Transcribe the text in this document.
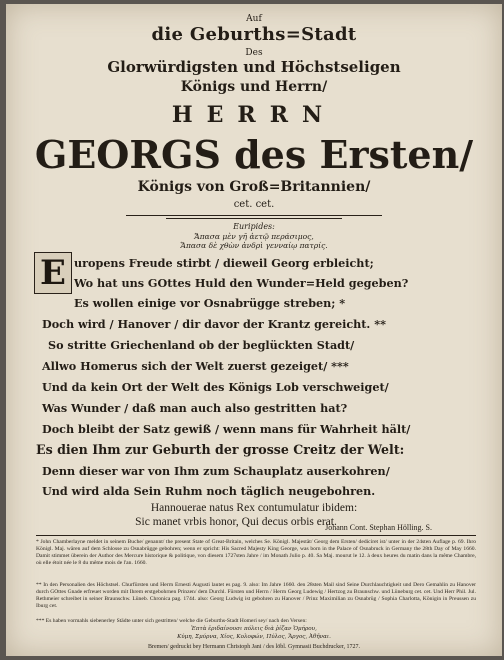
Auf
die Geburths=Stadt
Des
Glorwürdigsten und Höchstseligen
Königs und Herrn/
HERRN
GEORGS des Ersten/
Königs von Groß=Britannien/
cet. cet.
Euripides:
Ἄπασα μὲν γῆ ἀετῷ περάσιμος,
Ἅπασα δὲ χθὼν ἀνδρὶ γενναίῳ πατρίς.
E uropens Freude stirbt / dieweil Georg erbleicht;
Wo hat uns GOttes Huld den Wunder=Held gegeben?
Es wollen einige vor Osnabrügge streben; *
Doch wird / Hanover / dir davor der Krantz gereicht. **
So stritte Griechenland ob der beglückten Stadt/
Allwo Homerus sich der Welt zuerst gezeiget/ ***
Und da kein Ort der Welt des Königs Lob verschweiget/
Was Wunder / daß man auch also gestritten hat?
Doch bleibt der Satz gewiß / wenn mans für Wahrheit hält/
Es dien Ihm zur Geburth der grosse Creitz der Welt:
Denn dieser war von Ihm zum Schauplatz auserkohren/
Und wird alda Sein Ruhm noch täglich neugebohren.
Hannouerae natus Rex contumulatur ibidem:
Sic manet vrbis honor, Qui decus orbis erat.
Johann Cont. Stephan Hölling. S.
* John Chamberlayne meldet in seinem Buche/ genannt/ the present State of Great-Britain, welches Se. Königl. Majestät/ Georg dem Ersten/ dediciret ist/ unter in der 24sten Auflage p. 69. Ihro Königl. Maj. wären auf dem Schlosse zu Osnabrügge gebohren; wenn er spricht: His Sacred Majesty King George, was born in the Palace of Osnabruck in Germany the 28th Day of May 1660. Damit stimmet überein der Author des Mercure historique & politique, von diesem 1727sten Jahre / im Monath Julio p. 40. Sa Maj. mourut le 12. à deux heures du matin dans la même Chambre, où elle étoit née le 8 du même mois de l'an. 1660.
** In den Personalien des Höchstsel. Churfürsten und Herrn Ernesti Augusti lautet es pag. 9. also: Im Jahre 1660. den 28sten Mail sind Seine Durchlauchtigkeit und Dero Gemahlin zu Hanover durch GOttes Gnade erfreuet worden mit Ihrem erstgebohrnen Prinzen/ dem Durchl. Fürsten und Herrn / Herrn Georg Ludewig / Hertzog zu Braunschw. und Lüneburg cet. cet. Und Herr Phil. Jul. Rethmeier schreibet in seiner Braunschw. Lüneb. Chronica pag. 1744. also: Georg Ludwig ist gebohren zu Hanover / Prinz Maximilian zu Osnabrüg / Sophia Charlotta, Königin in Preussen zu Iburg cet.
*** Es haben vormahls siebenerley Städte unter sich gestritten/ welche die Geburths-Stadt Homeri sey/ nach den Versen:
Ἑπτὰ ἐριδαίνουσι πόλεις διὰ ῥίζαν Ὁμήρου,
Κύμη, Σμύρνα, Χίος, Κολοφών, Πύλος, Ἄργος, Ἀθῆναι.
Bremen/ gedruckt bey Hermann Christoph Jani / des löbl. Gymnasii Buchdrucker, 1727.
